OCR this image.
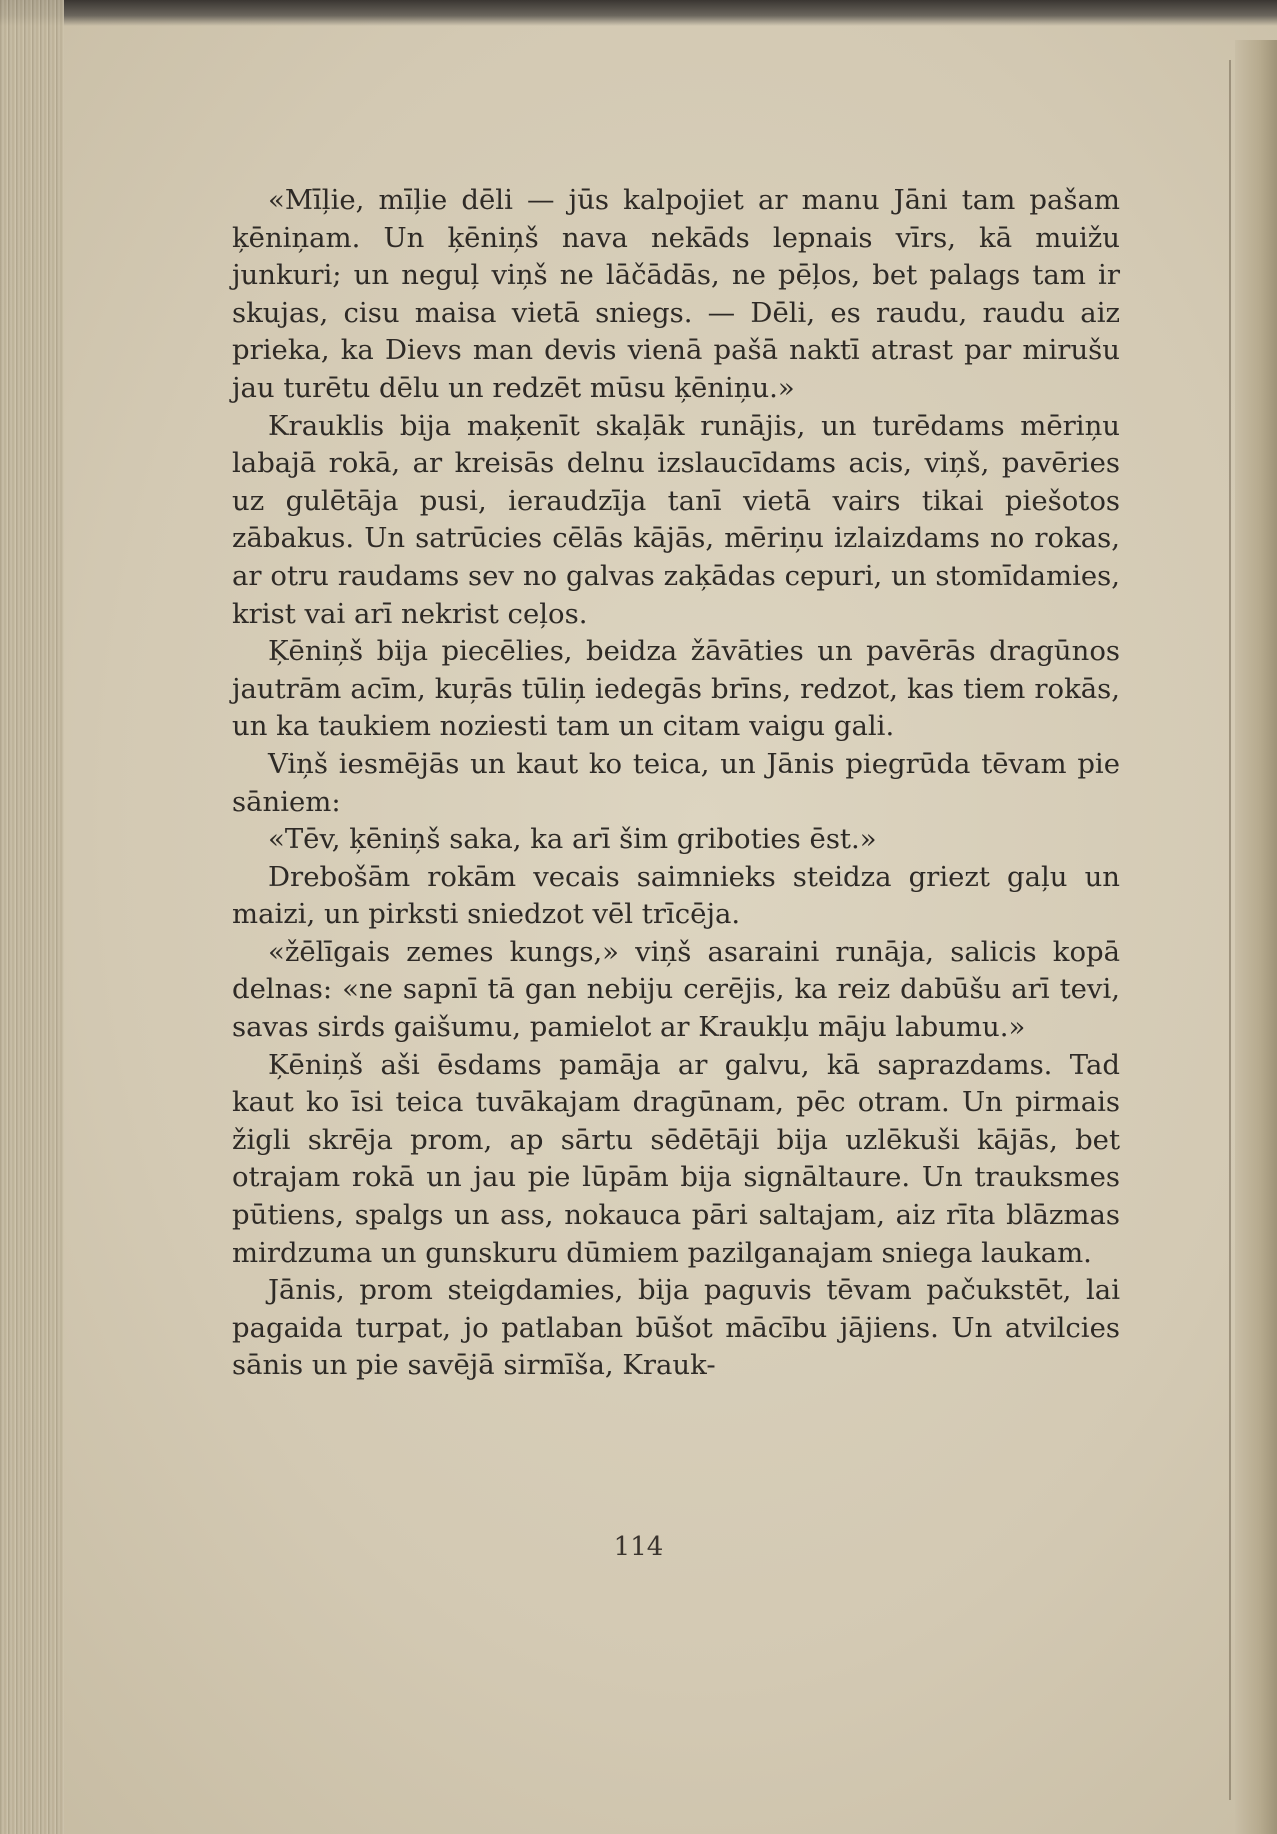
«Mīļie, mīļie dēli — jūs kalpojiet ar manu Jāni tam pašam ķēniņam. Un ķēniņš nava nekāds lepnais vīrs, kā muižu junkuri; un neguļ viņš ne lāčādās, ne pēļos, bet palags tam ir skujas, cisu maisa vietā sniegs. — Dēli, es raudu, raudu aiz prieka, ka Dievs man devis vienā pašā naktī atrast par mirušu jau turētu dēlu un redzēt mūsu ķēniņu.»

Krauklis bija maķenīt skaļāk runājis, un turēdams mēriņu labajā rokā, ar kreisās delnu izslaucīdams acis, viņš, pavēries uz gulētāja pusi, ieraudzīja tanī vietā vairs tikai piešotos zābakus. Un satrūcies cēlās kājās, mēriņu izlaizdams no rokas, ar otru raudams sev no galvas zaķādas cepuri, un stomīdamies, krist vai arī nekrist ceļos.

Ķēniņš bija piecēlies, beidza žāvāties un pavērās dragūnos jautrām acīm, kuŗās tūliņ iedegās brīns, redzot, kas tiem rokās, un ka taukiem noziesti tam un citam vaigu gali.

Viņš iesmējās un kaut ko teica, un Jānis piegrūda tēvam pie sāniem:

«Tēv, ķēniņš saka, ka arī šim griboties ēst.»

Drebošām rokām vecais saimnieks steidza griezt gaļu un maizi, un pirksti sniedzot vēl trīcēja.

«žēlīgais zemes kungs,» viņš asaraini runāja, salicis kopā delnas: «ne sapnī tā gan nebiju cerējis, ka reiz dabūšu arī tevi, savas sirds gaišumu, pamielot ar Kraukļu māju labumu.»

Ķēniņš aši ēsdams pamāja ar galvu, kā saprazdams. Tad kaut ko īsi teica tuvākajam dragūnam, pēc otram. Un pirmais žigli skrēja prom, ap sārtu sēdētāji bija uzlēkuši kājās, bet otrajam rokā un jau pie lūpām bija signāltaure. Un trauksmes pūtiens, spalgs un ass, nokauca pāri saltajam, aiz rīta blāzmas mirdzuma un gunskuru dūmiem pazilganajam sniega laukam.

Jānis, prom steigdamies, bija paguvis tēvam pačukstēt, lai pagaida turpat, jo patlaban būšot mācību jājiens. Un atvilcies sānis un pie savējā sirmīša, Krauk-

114
